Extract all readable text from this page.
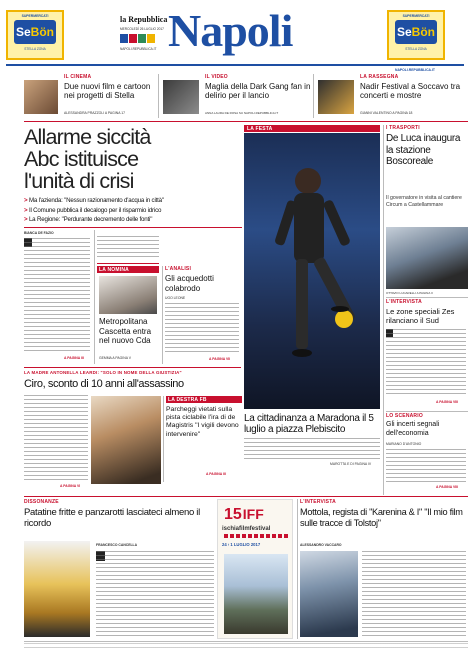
SUPERMERCATI
Se Bön
STELLA ZONA
la Repubblica
MERCOLEDÌ 26 LUGLIO 2017
NAPOLI.REPUBBLICA.IT Napoli	SUPERMERCATI
Se Bön
STELLA ZONA
NAPOLI.REPUBBLICA.IT
IL CINEMA
Due nuovi film e cartoon nei progetti di Stella
ALESSANDRA PRAZZOLI A PAGINA 17
IL VIDEO
Maglia della Dark Gang fan in delirio per il lancio
ANNA LAURA DE ROSA SU NAPOLI.REPUBBLICA.IT
LA RASSEGNA
Nadir Festival a Soccavo tra concerti e mostre
GIANNI VALENTINO A PAGINA 18
Allarme siccità
Abc istituisce
l'unità di crisi
> Ma l'azienda: "Nessun razionamento d'acqua in città"
> Il Comune pubblica il decalogo per il risparmio idrico
> La Regione: "Perdurante decremento delle fonti"
BIANCA DE FAZIO
A PAGINA III
LA NOMINA
Metropolitana Cascetta entra nel nuovo Cda
GEMMA A PAGINA V
L'ANALISI
Gli acquedotti colabrodo
UGO LEONE
A PAGINA VII
LA FESTA
La cittadinanza a Maradona il 5 luglio a piazza Plebiscito
MAROTTA E DI PAGINA IV
I TRASPORTI
De Luca inaugura la stazione Boscoreale
Il governatore in visita al cantiere Circum a Castellammare
OTTAVIO LUCARELLI A PAGINA II
L'INTERVISTA
Le zone speciali Zes rilanciano il Sud
A PAGINA VIII
LO SCENARIO
Gli incerti segnali dell'economia
MARIANO D'ANTONIO
A PAGINA VIII
LA MADRE ANTONELLA LEARDI: "SOLO IN NOME DELLA GIUSTIZIA"
Ciro, sconto di 10 anni all'assassino
LA DESTRA FB
Parcheggi vietati sulla pista ciclabile l'ira di de Magistris "I vigili devono intervenire"
A PAGINA III
A PAGINA VI
DISSONANZE
Patatine fritte e panzarotti lasciateci almeno il ricordo
FRANCESCO CANCELLA
15 IFF
ischiafilmfestival
24 › 1 LUGLIO 2017
L'INTERVISTA
Mottola, regista di "Karenina & I" "Il mio film sulle tracce di Tolstoj"
ALESSANDRO VACCARO
